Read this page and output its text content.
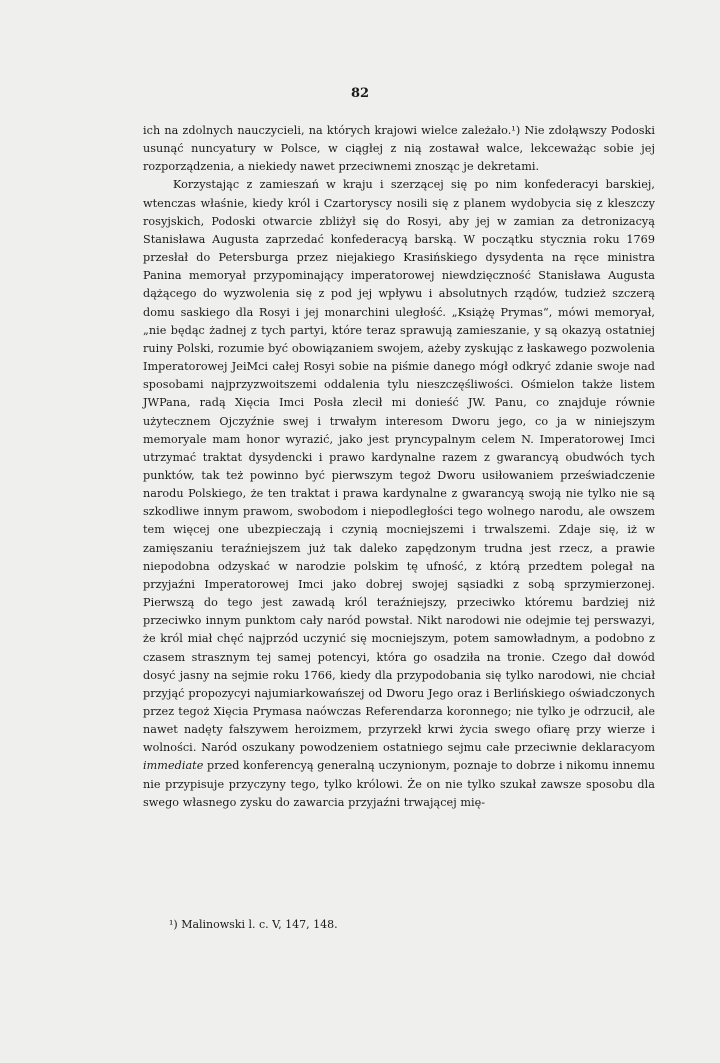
82

ich na zdolnych nauczycieli, na których krajowi wielce zależało.¹) Nie zdołąwszy Podoski usunąć nuncyatury w Polsce, w ciągłej z nią zostawał walce, lekceważąc sobie jej rozporządzenia, a niekiedy nawet przeciwnemi znosząc je dekretami.

Korzystając z zamieszań w kraju i szerzącej się po nim konfederacyi barskiej, wtenczas właśnie, kiedy król i Czartoryscy nosili się z planem wydobycia się z kleszczy rosyjskich, Podoski otwarcie zbliżył się do Rosyi, aby jej w zamian za detronizacyą Stanisława Augusta zaprzedać konfederacyą barską. W początku stycznia roku 1769 przesłał do Petersburga przez niejakiego Krasińskiego dysydenta na ręce ministra Panina memoryał przypominający imperatorowej niewdzięczność Stanisława Augusta dążącego do wyzwolenia się z pod jej wpływu i absolutnych rządów, tudzież szczerą domu saskiego dla Rosyi i jej monarchini uległość. „Książę Prymas“, mówi memoryał, „nie będąc żadnej z tych partyi, które teraz sprawują zamieszanie, y są okazyą ostatniej ruiny Polski, rozumie być obowiązaniem swojem, ażeby zyskując z łaskawego pozwolenia Imperatorowej JeiMci całej Rosyi sobie na piśmie danego mógł odkryć zdanie swoje nad sposobami najprzyzwoitszemi oddalenia tylu nieszczęśliwości. Ośmielon także listem JWPana, radą Xięcia Imci Posła zlecił mi donieść JW. Panu, co znajduje równie użytecznem Ojczyźnie swej i trwałym interesom Dworu jego, co ja w niniejszym memoryale mam honor wyrazić, jako jest pryncypalnym celem N. Imperatorowej Imci utrzymać traktat dysydencki i prawo kardynalne razem z gwarancyą obudwóch tych punktów, tak też powinno być pierwszym tegoż Dworu usiłowaniem przeświadczenie narodu Polskiego, że ten traktat i prawa kardynalne z gwarancyą swoją nie tylko nie są szkodliwe innym prawom, swobodom i niepodległości tego wolnego narodu, ale owszem tem więcej one ubezpieczają i czynią mocniejszemi i trwalszemi. Zdaje się, iż w zamięszaniu teraźniejszem już tak daleko zapędzonym trudna jest rzecz, a prawie niepodobna odzyskać w narodzie polskim tę ufność, z którą przedtem polegał na przyjaźni Imperatorowej Imci jako dobrej swojej sąsiadki z sobą sprzymierzonej. Pierwszą do tego jest zawadą król teraźniejszy, przeciwko któremu bardziej niż przeciwko innym punktom cały naród powstał. Nikt narodowi nie odejmie tej perswazyi, że król miał chęć najprzód uczynić się mocniejszym, potem samowładnym, a podobno z czasem strasznym tej samej potencyi, która go osadziła na tronie. Czego dał dowód dosyć jasny na sejmie roku 1766, kiedy dla przypodobania się tylko narodowi, nie chciał przyjąć propozycyi najumiarkowańszej od Dworu Jego oraz i Berlińskiego oświadczonych przez tegoż Xięcia Prymasa naówczas Referendarza koronnego; nie tylko je odrzucił, ale nawet nadęty fałszywem heroizmem, przyrzekł krwi życia swego ofiarę przy wierze i wolności. Naród oszukany powodzeniem ostatniego sejmu całe przeciwnie deklaracyom immediate przed konferencyą generalną uczynionym, poznaje to dobrze i nikomu innemu nie przypisuje przyczyny tego, tylko królowi. Że on nie tylko szukał zawsze sposobu dla swego własnego zysku do zawarcia przyjaźni trwającej mię-

¹) Malinowski l. c. V, 147, 148.
